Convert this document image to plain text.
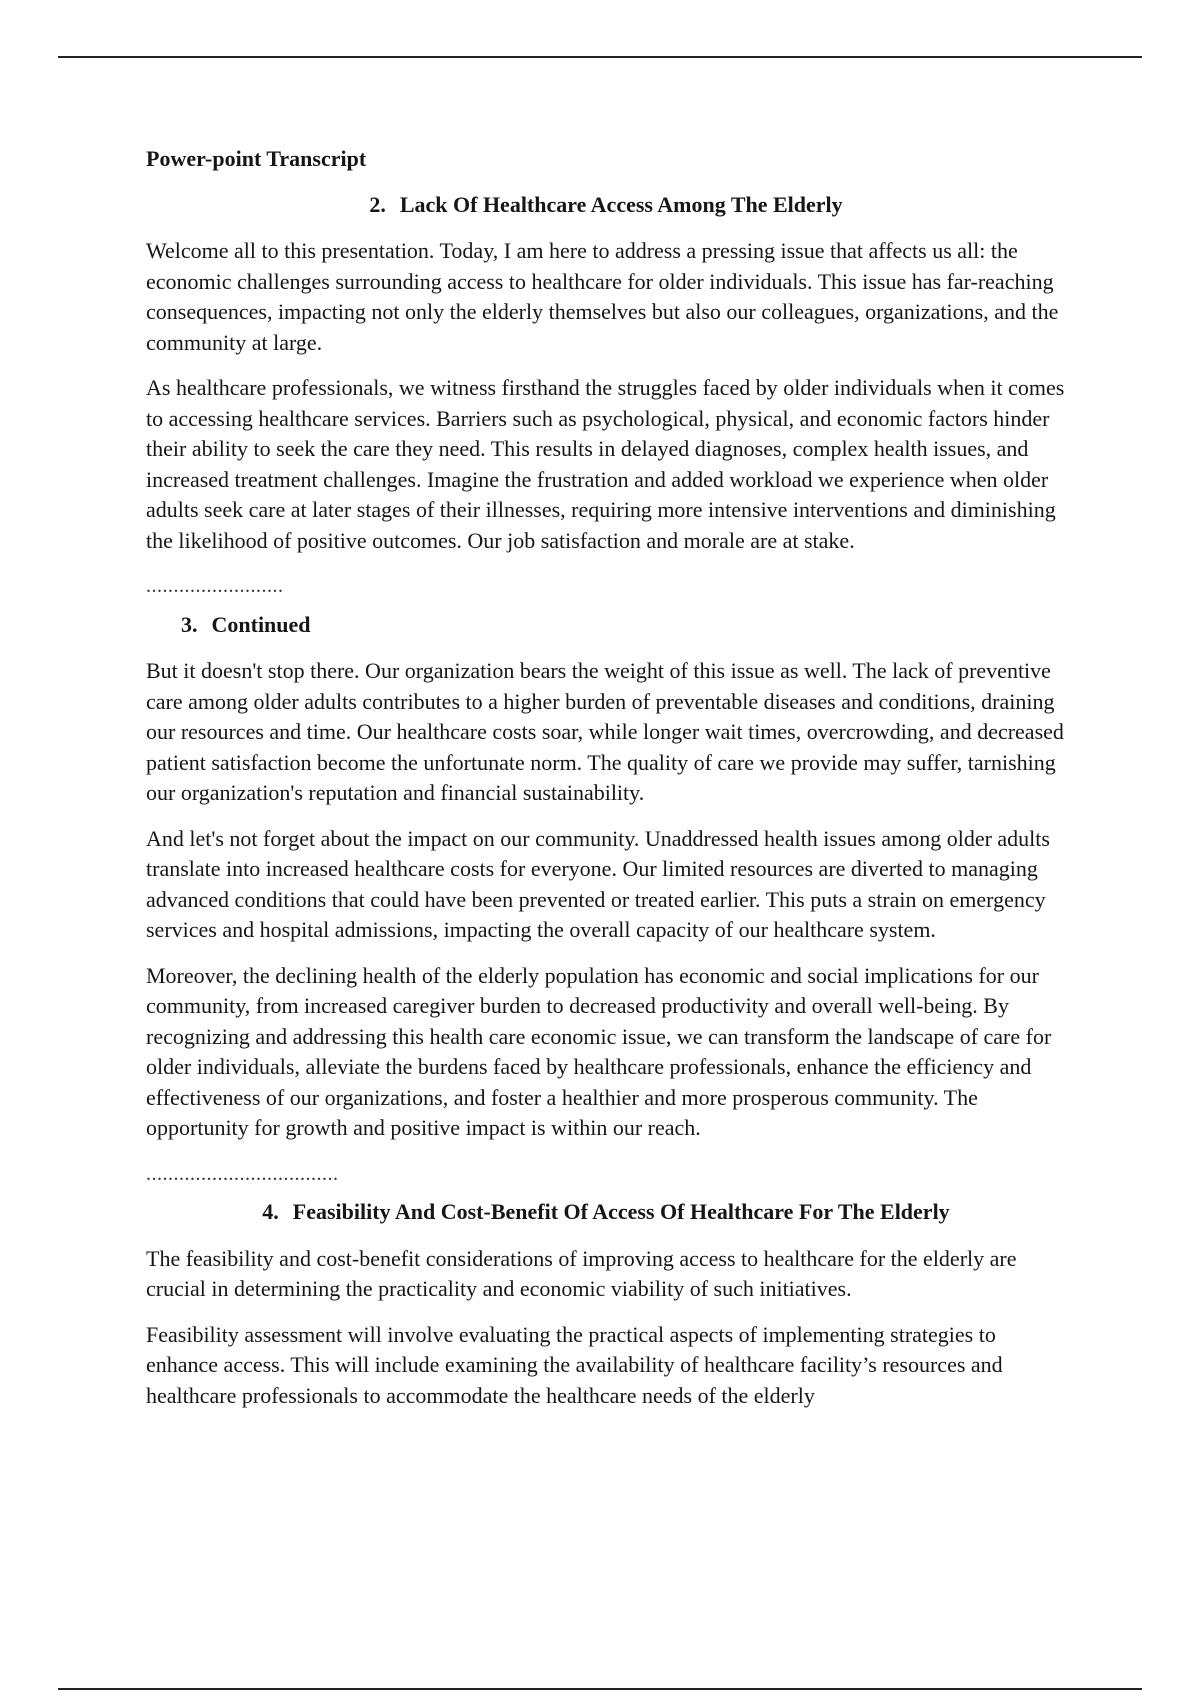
Power-point Transcript

2. Lack Of Healthcare Access Among The Elderly

Welcome all to this presentation. Today, I am here to address a pressing issue that affects us all: the economic challenges surrounding access to healthcare for older individuals. This issue has far-reaching consequences, impacting not only the elderly themselves but also our colleagues, organizations, and the community at large.

As healthcare professionals, we witness firsthand the struggles faced by older individuals when it comes to accessing healthcare services. Barriers such as psychological, physical, and economic factors hinder their ability to seek the care they need. This results in delayed diagnoses, complex health issues, and increased treatment challenges. Imagine the frustration and added workload we experience when older adults seek care at later stages of their illnesses, requiring more intensive interventions and diminishing the likelihood of positive outcomes. Our job satisfaction and morale are at stake.

.........................

3. Continued

But it doesn't stop there. Our organization bears the weight of this issue as well. The lack of preventive care among older adults contributes to a higher burden of preventable diseases and conditions, draining our resources and time. Our healthcare costs soar, while longer wait times, overcrowding, and decreased patient satisfaction become the unfortunate norm. The quality of care we provide may suffer, tarnishing our organization's reputation and financial sustainability.

And let's not forget about the impact on our community. Unaddressed health issues among older adults translate into increased healthcare costs for everyone. Our limited resources are diverted to managing advanced conditions that could have been prevented or treated earlier. This puts a strain on emergency services and hospital admissions, impacting the overall capacity of our healthcare system.

Moreover, the declining health of the elderly population has economic and social implications for our community, from increased caregiver burden to decreased productivity and overall well-being. By recognizing and addressing this health care economic issue, we can transform the landscape of care for older individuals, alleviate the burdens faced by healthcare professionals, enhance the efficiency and effectiveness of our organizations, and foster a healthier and more prosperous community. The opportunity for growth and positive impact is within our reach.

...................................

4. Feasibility And Cost-Benefit Of Access Of Healthcare For The Elderly

The feasibility and cost-benefit considerations of improving access to healthcare for the elderly are crucial in determining the practicality and economic viability of such initiatives.

Feasibility assessment will involve evaluating the practical aspects of implementing strategies to enhance access. This will include examining the availability of healthcare facility’s resources and healthcare professionals to accommodate the healthcare needs of the elderly
